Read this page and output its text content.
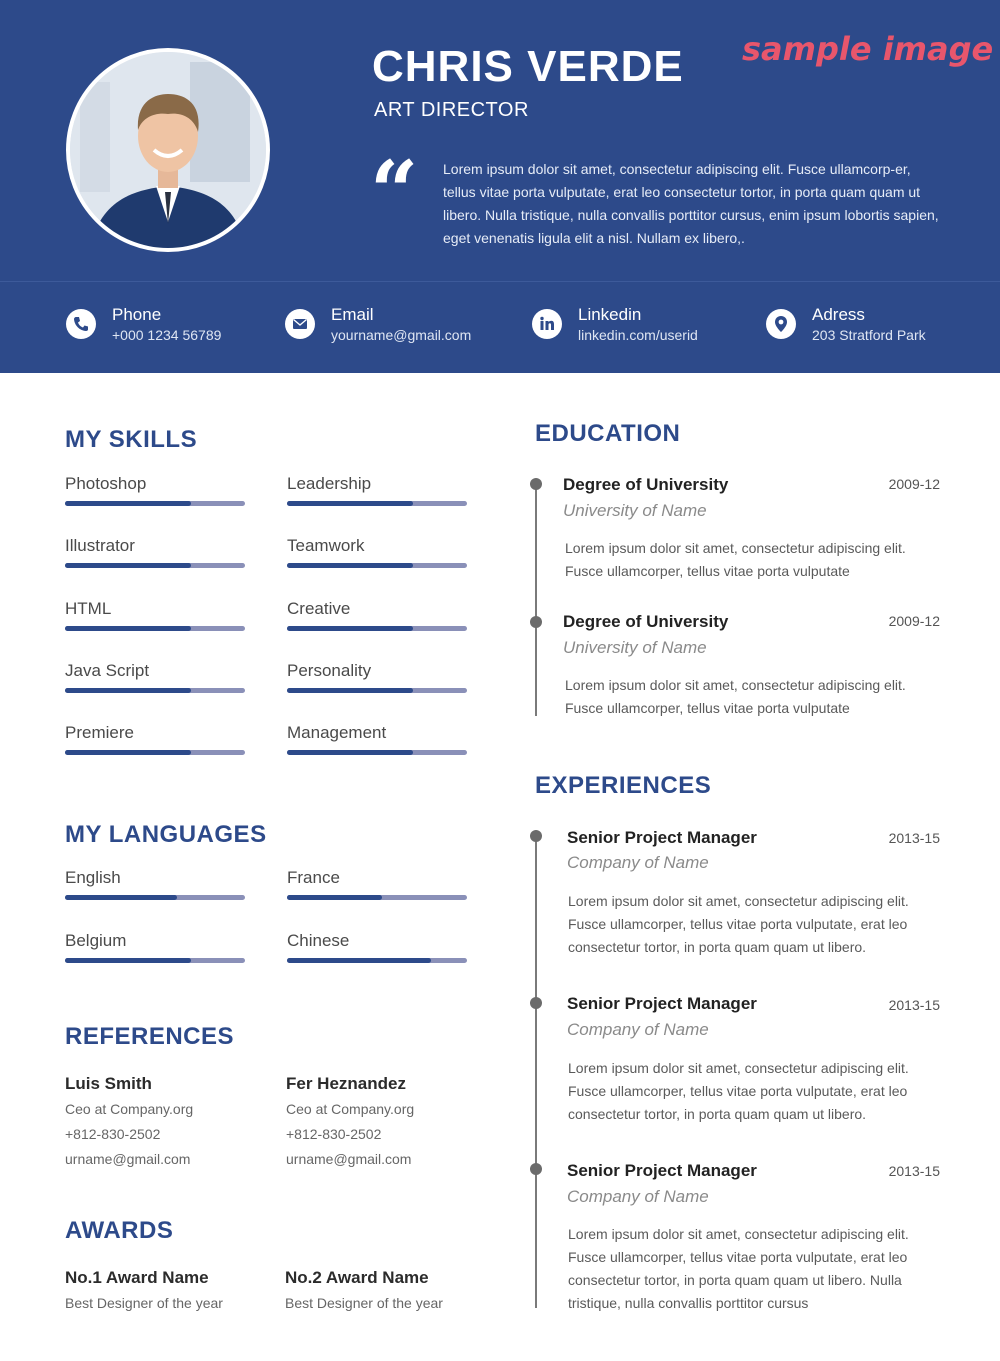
CHRIS VERDE
ART DIRECTOR
sample image
“ Lorem ipsum dolor sit amet, consectetur adipiscing elit. Fusce ullamcorp-er, tellus vitae porta vulputate, erat leo consectetur tortor, in porta quam quam ut libero. Nulla tristique, nulla convallis porttitor cursus, enim ipsum lobortis sapien, eget venenatis ligula elit a nisl. Nullam ex libero,.
Phone
+000 1234 56789
Email
yourname@gmail.com
Linkedin
linkedin.com/userid
Adress
203 Stratford Park
MY SKILLS
Photoshop	Leadership
Illustrator	Teamwork
HTML	Creative
Java Script	Personality
Premiere	Management
MY LANGUAGES
English	France
Belgium	Chinese
REFERENCES
Luis Smith
Ceo at Company.org
+812-830-2502
urname@gmail.com
Fer Heznandez
Ceo at Company.org
+812-830-2502
urname@gmail.com
AWARDS
No.1 Award Name
Best Designer of the year
No.2 Award Name
Best Designer of the year
EDUCATION
Degree of University	2009-12
University of Name
Lorem ipsum dolor sit amet, consectetur adipiscing elit. Fusce ullamcorper, tellus vitae porta vulputate
Degree of University	2009-12
University of Name
Lorem ipsum dolor sit amet, consectetur adipiscing elit. Fusce ullamcorper, tellus vitae porta vulputate
EXPERIENCES
Senior Project Manager	2013-15
Company of Name
Lorem ipsum dolor sit amet, consectetur adipiscing elit. Fusce ullamcorper, tellus vitae porta vulputate, erat leo consectetur tortor, in porta quam quam ut libero.
Senior Project Manager	2013-15
Company of Name
Lorem ipsum dolor sit amet, consectetur adipiscing elit. Fusce ullamcorper, tellus vitae porta vulputate, erat leo consectetur tortor, in porta quam quam ut libero.
Senior Project Manager	2013-15
Company of Name
Lorem ipsum dolor sit amet, consectetur adipiscing elit. Fusce ullamcorper, tellus vitae porta vulputate, erat leo consectetur tortor, in porta quam quam ut libero. Nulla tristique, nulla convallis porttitor cursus
